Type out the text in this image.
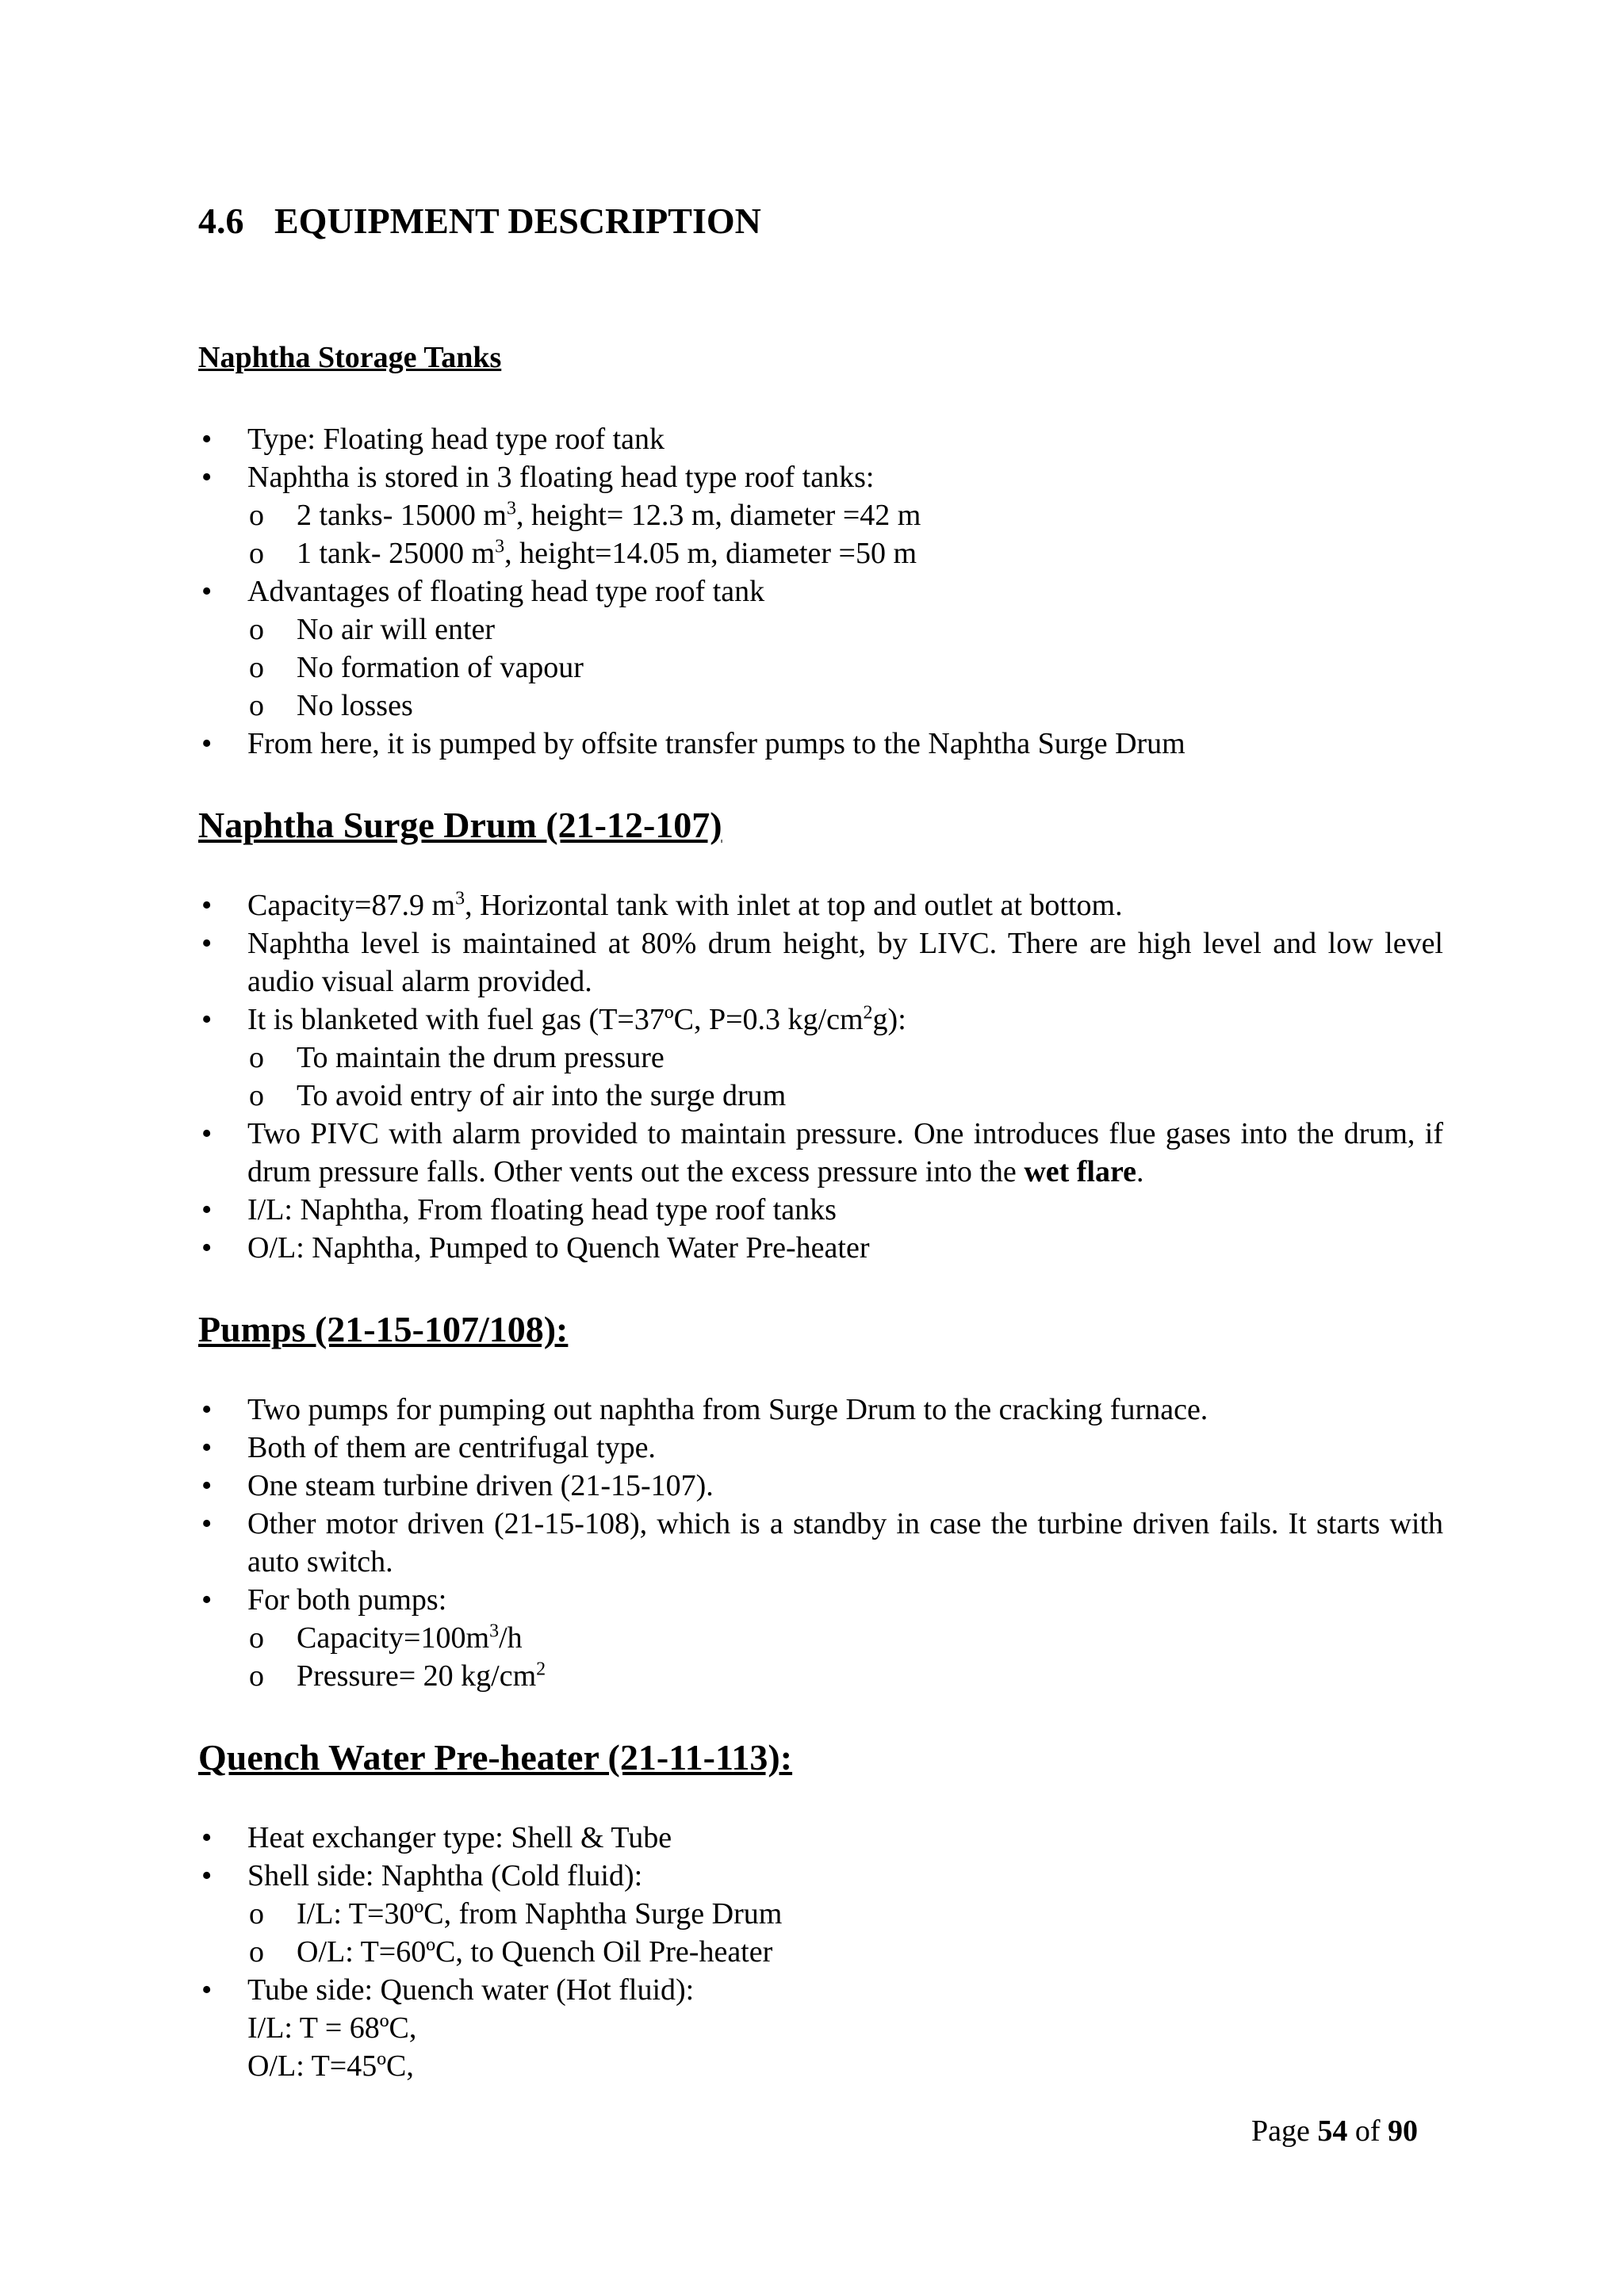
4.6 EQUIPMENT DESCRIPTION
Naphtha Storage Tanks
• Type: Floating head type roof tank
• Naphtha is stored in 3 floating head type roof tanks:
o 2 tanks- 15000 $m^3$, height= 12.3 m, diameter =42 m
o 1 tank- 25000 $m^3$, height=14.05 m, diameter =50 m
• Advantages of floating head type roof tank
o No air will enter
o No formation of vapour
o No losses
• From here, it is pumped by offsite transfer pumps to the Naphtha Surge Drum
Naphtha Surge Drum (21-12-107)
• Capacity=87.9 $m^3$, Horizontal tank with inlet at top and outlet at bottom.
• Naphtha level is maintained at 80% drum height, by LIVC. There are high level and low level audio visual alarm provided.
• It is blanketed with fuel gas (T=37ºC, P=0.3 $kg/cm^2g$):
o To maintain the drum pressure
o To avoid entry of air into the surge drum
• Two PIVC with alarm provided to maintain pressure. One introduces flue gases into the drum, if drum pressure falls. Other vents out the excess pressure into the wet flare.
• I/L: Naphtha, From floating head type roof tanks
• O/L: Naphtha, Pumped to Quench Water Pre-heater
Pumps (21-15-107/108):
• Two pumps for pumping out naphtha from Surge Drum to the cracking furnace.
• Both of them are centrifugal type.
• One steam turbine driven (21-15-107).
• Other motor driven (21-15-108), which is a standby in case the turbine driven fails. It starts with auto switch.
• For both pumps:
o $Capacity=100m^3/h$
o Pressure= 20 $kg/cm^2$
Quench Water Pre-heater (21-11-113):
• Heat exchanger type: Shell & Tube
• Shell side: Naphtha (Cold fluid):
o I/L: T=30ºC, from Naphtha Surge Drum
o O/L: T=60ºC, to Quench Oil Pre-heater
• Tube side: Quench water (Hot fluid):
I/L: T = 68ºC,
O/L: T=45ºC,

Page 54 of 90
